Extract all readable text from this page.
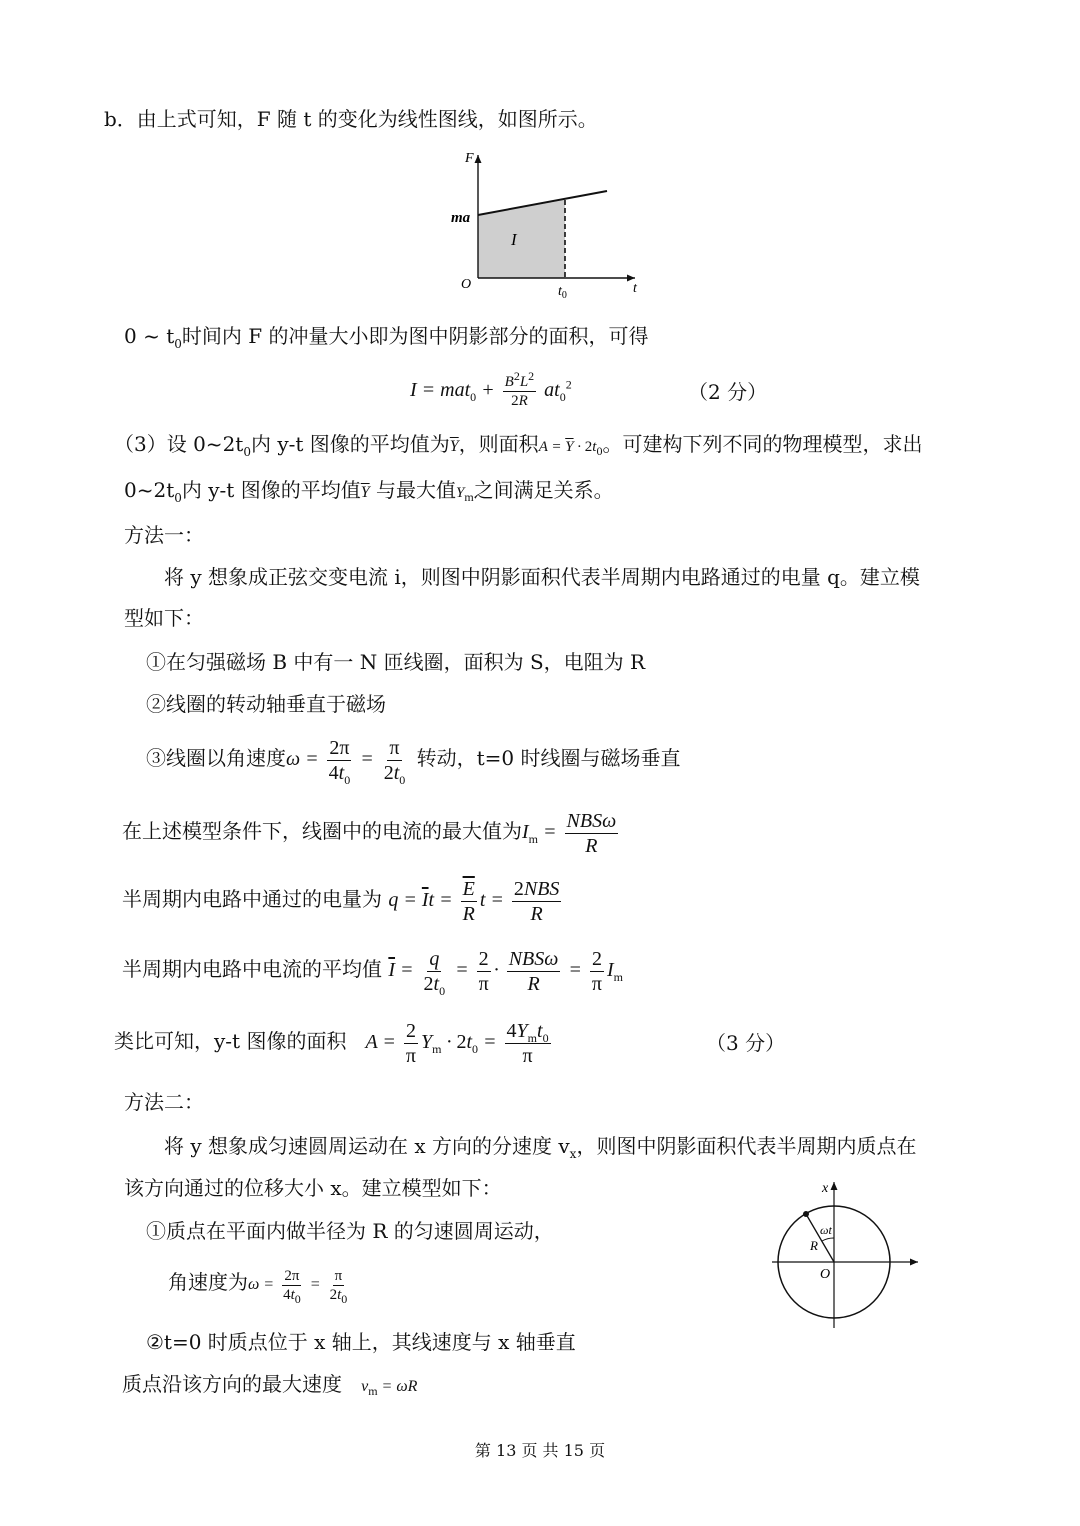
b．由上式可知，F 随 t 的变化为线性图线，如图所示。
F
t
O
ma
I
$t_0$
0 ~ $t_0$时间内 F 的冲量大小即为图中阴影部分的面积，可得
$I = mat_0 + \frac{B^2L^2}{2R} at_0^2$	（2 分）
（3）设 $0\sim 2t_0$内 y-t 图像的平均值为$\overline{Y}$，则面积$A = \overline{Y} \cdot 2t_0$。可建构下列不同的物理模型，求出
$0\sim 2t_0$内 y-t 图像的平均值$\overline{Y}$ 与最大值$Y_m$之间满足关系。
方法一：
将 y 想象成正弦交变电流 i，则图中阴影面积代表半周期内电路通过的电量 q。建立模
型如下：
①在匀强磁场 B 中有一 N 匝线圈，面积为 S，电阻为 R
②线圈的转动轴垂直于磁场
③线圈以角速度$\omega = \frac{2\pi}{4t_0} = \frac{\pi}{2t_0}$ 转动，t=0 时线圈与磁场垂直
在上述模型条件下，线圈中的电流的最大值为$I_m = \frac{\text{NBSω}}{R}$
半周期内电路中通过的电量为 $q = \overline{I}t = \frac{\overline{E}}{R}$ $t = \frac{\text{2NBS}}{R}$
半周期内电路中电流的平均值 $\overline{I} = \frac{q}{2t_0} = \frac{2}{\pi} \cdot \frac{\text{NBSω}}{R} = \frac{2}{\pi} I_m$
类比可知，y-t 图像的面积 $A = \frac{2}{\pi} Y_m \cdot 2t_0 = \frac{4Y_mt_0}{\pi}$	（3 分）
方法二：
将 y 想象成匀速圆周运动在 x 方向的分速度 $v_x$，则图中阴影面积代表半周期内质点在
该方向通过的位移大小 x。建立模型如下：
①质点在平面内做半径为 R 的匀速圆周运动，
角速度为$\omega = \frac{2\pi}{4t_0} = \frac{\pi}{2t_0}$
②t=0 时质点位于 x 轴上，其线速度与 x 轴垂直
质点沿该方向的最大速度 $v_m = \omega R$
x
O
R
ωt
第 13 页 共 15 页
